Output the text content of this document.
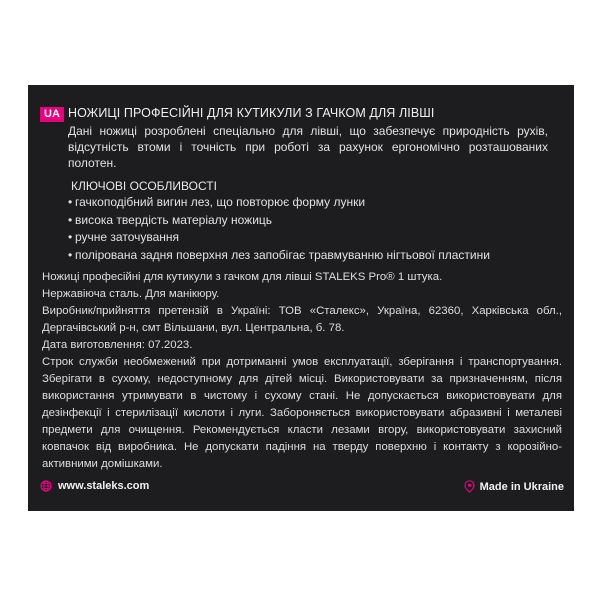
UA НОЖИЦІ ПРОФЕСІЙНІ ДЛЯ КУТИКУЛИ З ГАЧКОМ ДЛЯ ЛІВШІ
Дані ножиці розроблені спеціально для лівші, що забезпечує природність рухів, відсутність втоми і точність при роботі за рахунок ергономічно розташованих полотен.
КЛЮЧОВІ ОСОБЛИВОСТІ
• гачкоподібний вигин лез, що повторює форму лунки
• висока твердість матеріалу ножиць
• ручне заточування
• полірована задня поверхня лез запобігає травмуванню нігтьової пластини

Ножиці професійні для кутикули з гачком для лівші STALEKS Pro® 1 штука.

Нержавіюча сталь. Для манікюру.

Виробник/прийняття претензій в Україні: ТОВ «Сталекс», Україна, 62360, Харківська обл., Дергачівський р-н, смт Вільшани, вул. Центральна, б. 78.

Дата виготовлення: 07.2023.

Строк служби необмежений при дотриманні умов експлуатації, зберігання і транспортування. Зберігати в сухому, недоступному для дітей місці. Використовувати за призначенням, після використання утримувати в чистому і сухому стані. Не допускається використовувати для дезінфекції і стерилізації кислоти і луги. Забороняється використовувати абразивні і металеві предмети для очищення. Рекомендується класти лезами вгору, використовувати захисний ковпачок від виробника. Не допускати падіння на тверду поверхню і контакту з корозійно-активними домішками.

www.staleks.com	Made in Ukraine
